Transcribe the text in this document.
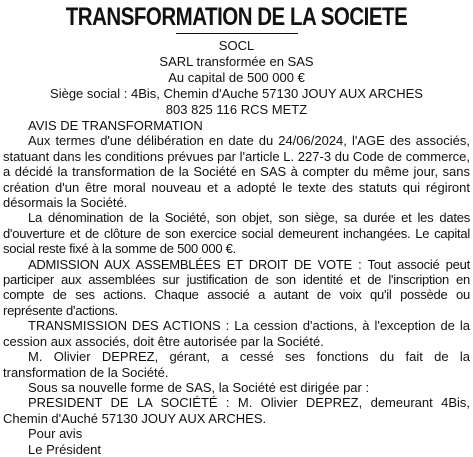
TRANSFORMATION DE LA SOCIETE
SOCL
SARL transformée en SAS
Au capital de 500 000 €
Siège social : 4Bis, Chemin d'Auche 57130 JOUY AUX ARCHES
803 825 116 RCS METZ
AVIS DE TRANSFORMATION
Aux termes d'une délibération en date du 24/06/2024, l'AGE des associés, statuant dans les conditions prévues par l'article L. 227-3 du Code de commerce, a décidé la transformation de la Société en SAS à compter du même jour, sans création d'un être moral nouveau et a adopté le texte des statuts qui régiront désormais la Société.
La dénomination de la Société, son objet, son siège, sa durée et les dates d'ouverture et de clôture de son exercice social demeurent inchangées. Le capital social reste fixé à la somme de 500 000 €.
ADMISSION AUX ASSEMBLÉES ET DROIT DE VOTE : Tout associé peut participer aux assemblées sur justification de son identité et de l'inscription en compte de ses actions. Chaque associé a autant de voix qu'il possède ou représente d'actions.
TRANSMISSION DES ACTIONS : La cession d'actions, à l'exception de la cession aux associés, doit être autorisée par la Société.
M. Olivier DEPREZ, gérant, a cessé ses fonctions du fait de la transformation de la Société.
Sous sa nouvelle forme de SAS, la Société est dirigée par :
PRESIDENT DE LA SOCIÉTÉ : M. Olivier DEPREZ, demeurant 4Bis, Chemin d'Auché 57130 JOUY AUX ARCHES.
Pour avis
Le Président
